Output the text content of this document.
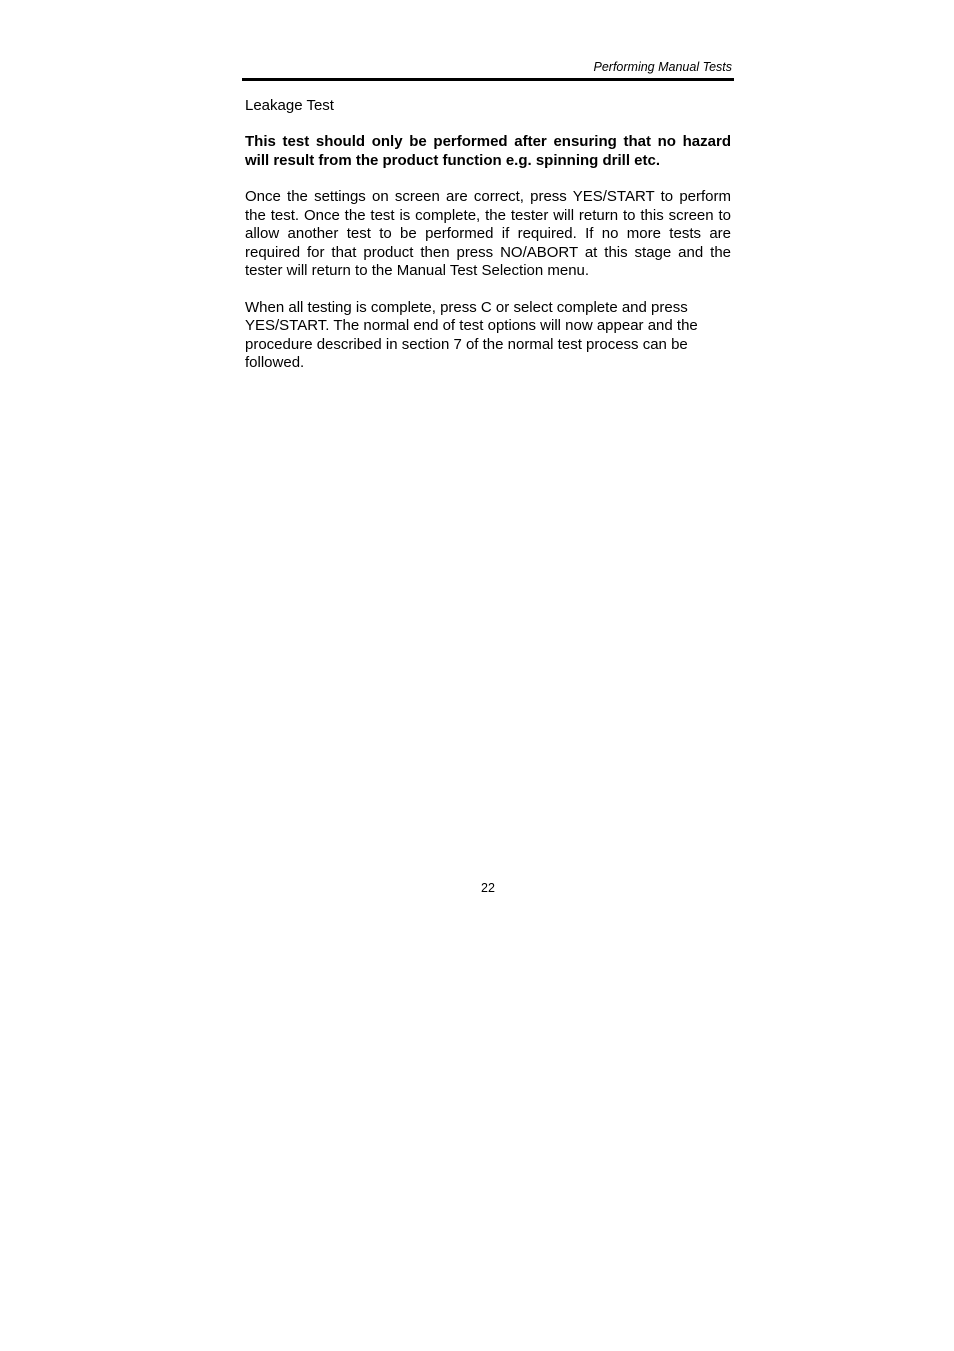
Performing Manual Tests

Leakage Test

This test should only be performed after ensuring that no hazard will result from the product function e.g. spinning drill etc.

Once the settings on screen are correct, press YES/START to perform the test. Once the test is complete, the tester will return to this screen to allow another test to be performed if required. If no more tests are required for that product then press NO/ABORT at this stage and the tester will return to the Manual Test Selection menu.

When all testing is complete, press C or select complete and press YES/START. The normal end of test options will now appear and the procedure described in section 7 of the normal test process can be followed.

22
